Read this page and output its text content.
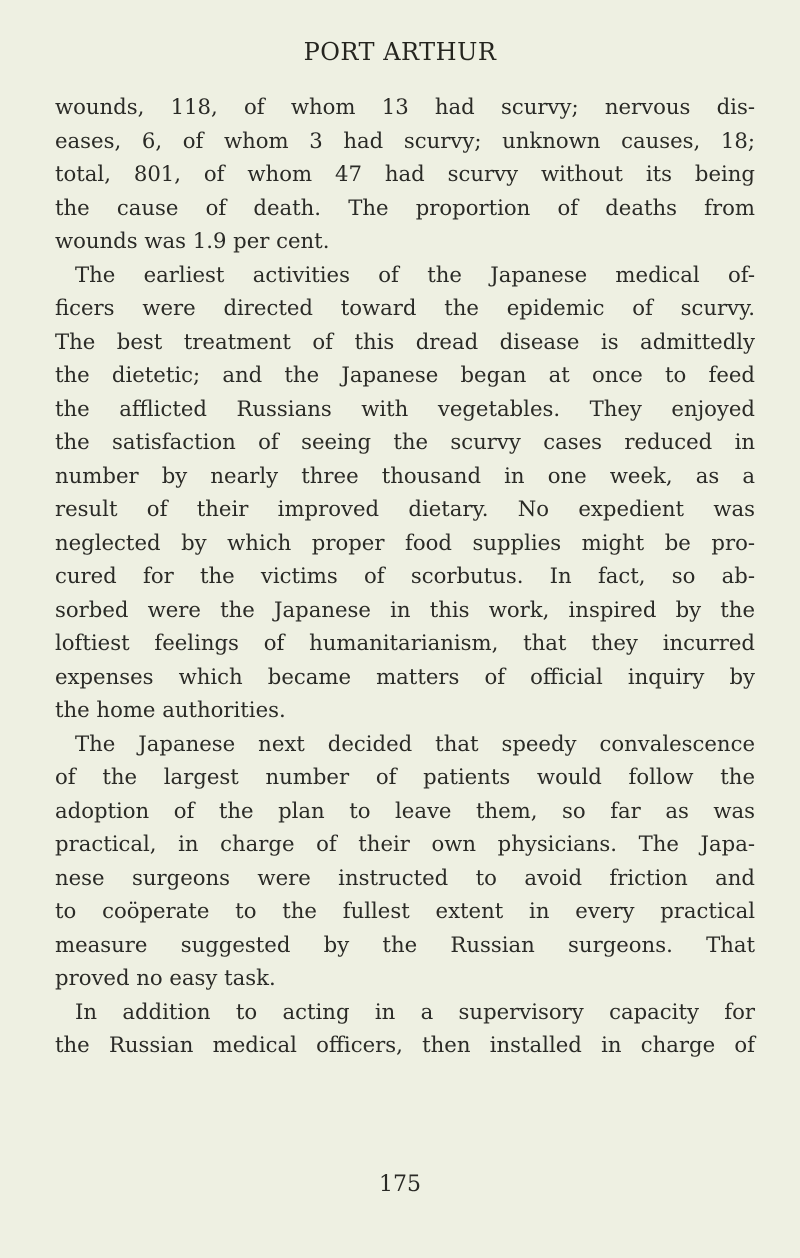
PORT ARTHUR
wounds, 118, of whom 13 had scurvy; nervous dis-
eases, 6, of whom 3 had scurvy; unknown causes, 18;
total, 801, of whom 47 had scurvy without its being
the cause of death. The proportion of deaths from
wounds was 1.9 per cent.
The earliest activities of the Japanese medical of-
ficers were directed toward the epidemic of scurvy.
The best treatment of this dread disease is admittedly
the dietetic; and the Japanese began at once to feed
the afflicted Russians with vegetables. They enjoyed
the satisfaction of seeing the scurvy cases reduced in
number by nearly three thousand in one week, as a
result of their improved dietary. No expedient was
neglected by which proper food supplies might be pro-
cured for the victims of scorbutus. In fact, so ab-
sorbed were the Japanese in this work, inspired by the
loftiest feelings of humanitarianism, that they incurred
expenses which became matters of official inquiry by
the home authorities.
The Japanese next decided that speedy convalescence
of the largest number of patients would follow the
adoption of the plan to leave them, so far as was
practical, in charge of their own physicians. The Japa-
nese surgeons were instructed to avoid friction and
to coöperate to the fullest extent in every practical
measure suggested by the Russian surgeons. That
proved no easy task.
In addition to acting in a supervisory capacity for
the Russian medical officers, then installed in charge of
175
